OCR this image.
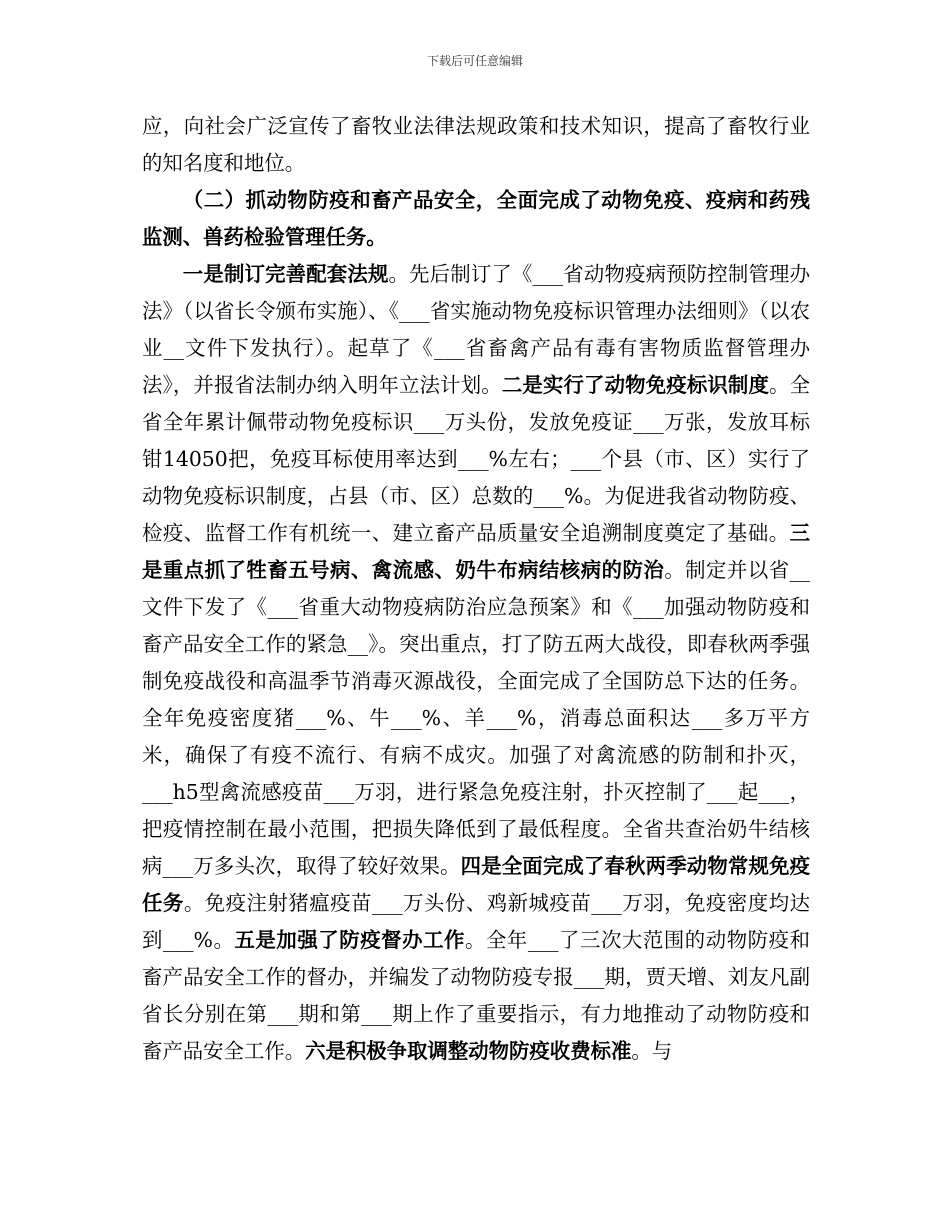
下载后可任意编辑

应，向社会广泛宣传了畜牧业法律法规政策和技术知识，提高了畜牧行业的知名度和地位。

（二）抓动物防疫和畜产品安全，全面完成了动物免疫、疫病和药残监测、兽药检验管理任务。

一是制订完善配套法规。先后制订了《___省动物疫病预防控制管理办法》（以省长令颁布实施）、《___省实施动物免疫标识管理办法细则》（以农业__文件下发执行）。起草了《___省畜禽产品有毒有害物质监督管理办法》，并报省法制办纳入明年立法计划。二是实行了动物免疫标识制度。全省全年累计佩带动物免疫标识___万头份，发放免疫证___万张，发放耳标钳14050把，免疫耳标使用率达到___%左右；___个县（市、区）实行了动物免疫标识制度，占县（市、区）总数的___%。为促进我省动物防疫、检疫、监督工作有机统一、建立畜产品质量安全追溯制度奠定了基础。三是重点抓了牲畜五号病、禽流感、奶牛布病结核病的防治。制定并以省__文件下发了《___省重大动物疫病防治应急预案》和《___加强动物防疫和畜产品安全工作的紧急__》。突出重点，打了防五两大战役，即春秋两季强制免疫战役和高温季节消毒灭源战役，全面完成了全国防总下达的任务。全年免疫密度猪___%、牛___%、羊___%，消毒总面积达___多万平方米，确保了有疫不流行、有病不成灾。加强了对禽流感的防制和扑灭，___h5型禽流感疫苗___万羽，进行紧急免疫注射，扑灭控制了___起___，把疫情控制在最小范围，把损失降低到了最低程度。全省共查治奶牛结核病___万多头次，取得了较好效果。四是全面完成了春秋两季动物常规免疫任务。免疫注射猪瘟疫苗___万头份、鸡新城疫苗___万羽，免疫密度均达到___%。五是加强了防疫督办工作。全年___了三次大范围的动物防疫和畜产品安全工作的督办，并编发了动物防疫专报___期，贾天增、刘友凡副省长分别在第___期和第___期上作了重要指示，有力地推动了动物防疫和畜产品安全工作。六是积极争取调整动物防疫收费标准。与
